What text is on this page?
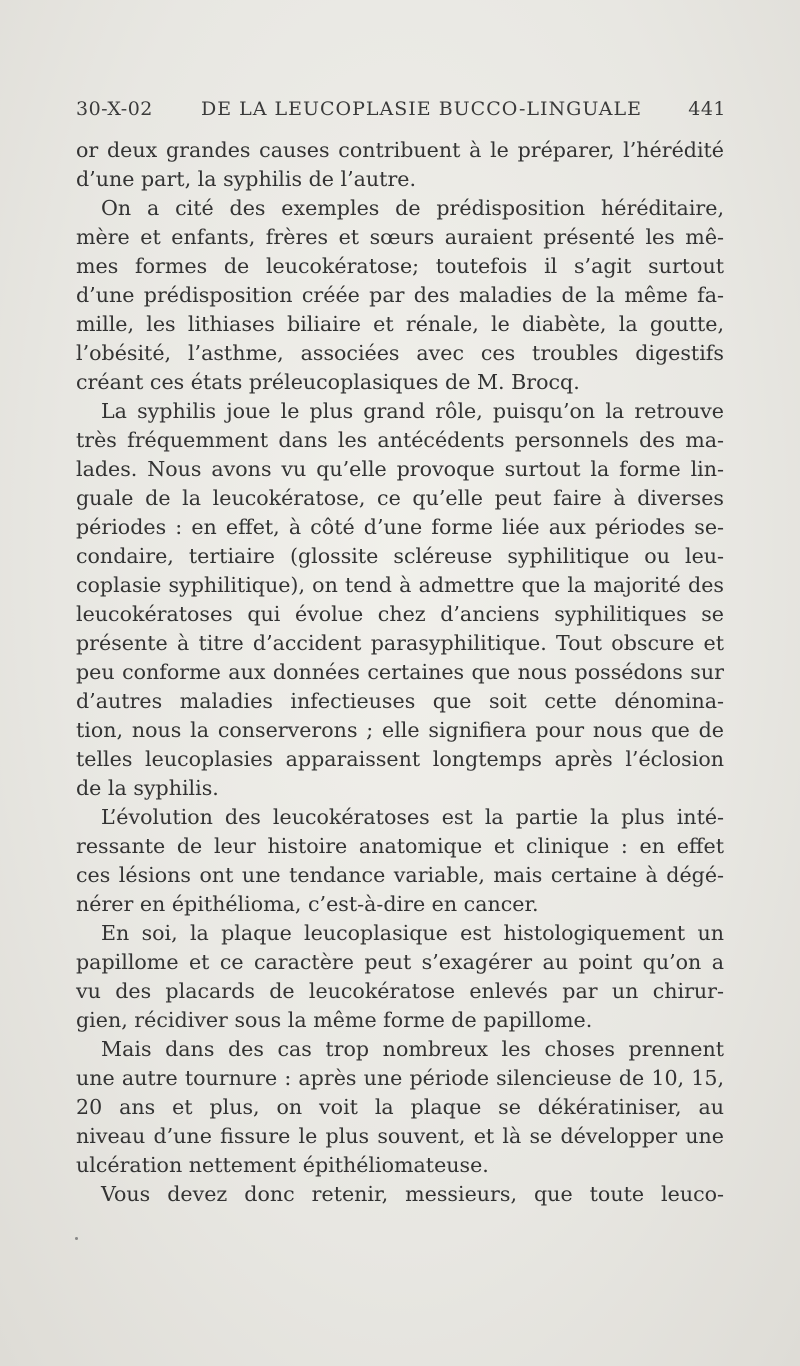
30-X-02	DE LA LEUCOPLASIE BUCCO-LINGUALE 441
or deux grandes causes contribuent à le préparer, l’hérédité
d’une part, la syphilis de l’autre.
On a cité des exemples de prédisposition héréditaire,
mère et enfants, frères et sœurs auraient présenté les mê-
mes formes de leucokératose; toutefois il s’agit surtout
d’une prédisposition créée par des maladies de la même fa-
mille, les lithiases biliaire et rénale, le diabète, la goutte,
l’obésité, l’asthme, associées avec ces troubles digestifs
créant ces états préleucoplasiques de M. Brocq.
La syphilis joue le plus grand rôle, puisqu’on la retrouve
très fréquemment dans les antécédents personnels des ma-
lades. Nous avons vu qu’elle provoque surtout la forme lin-
guale de la leucokératose, ce qu’elle peut faire à diverses
périodes : en effet, à côté d’une forme liée aux périodes se-
condaire, tertiaire (glossite scléreuse syphilitique ou leu-
coplasie syphilitique), on tend à admettre que la majorité des
leucokératoses qui évolue chez d’anciens syphilitiques se
présente à titre d’accident parasyphilitique. Tout obscure et
peu conforme aux données certaines que nous possédons sur
d’autres maladies infectieuses que soit cette dénomina-
tion, nous la conserverons ; elle signifiera pour nous que de
telles leucoplasies apparaissent longtemps après l’éclosion
de la syphilis.
L’évolution des leucokératoses est la partie la plus inté-
ressante de leur histoire anatomique et clinique : en effet
ces lésions ont une tendance variable, mais certaine à dégé-
nérer en épithélioma, c’est-à-dire en cancer.
En soi, la plaque leucoplasique est histologiquement un
papillome et ce caractère peut s’exagérer au point qu’on a
vu des placards de leucokératose enlevés par un chirur-
gien, récidiver sous la même forme de papillome.
Mais dans des cas trop nombreux les choses prennent
une autre tournure : après une période silencieuse de 10, 15,
20 ans et plus, on voit la plaque se dékératiniser, au
niveau d’une fissure le plus souvent, et là se développer une
ulcération nettement épithéliomateuse.
Vous devez donc retenir, messieurs, que toute leuco-
